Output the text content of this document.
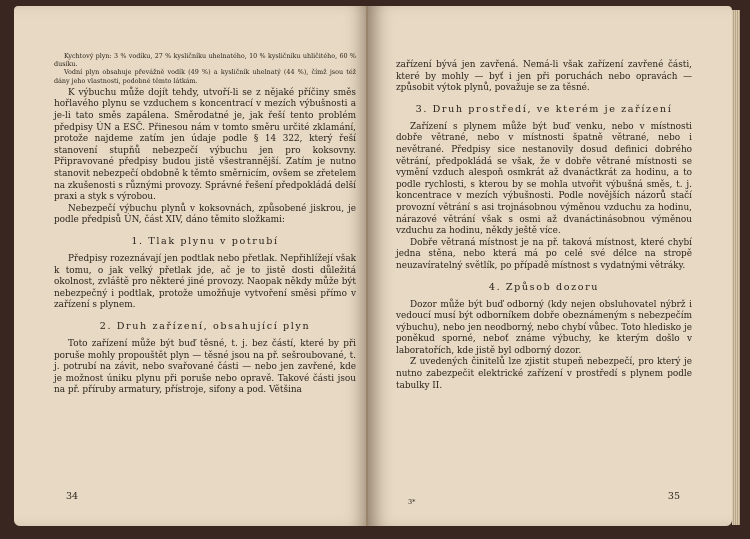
Kychtový plyn: 3 % vodíku, 27 % kysličníku uhelnatého, 10 % kysličníku uhličitého, 60 % dusíku.

Vodní plyn obsahuje převážně vodík (49 %) a kysličník uhelnatý (44 %), čímž jsou též dány jeho vlastnosti, podobné těmto látkám.

K výbuchu může dojít tehdy, utvoří-li se z nějaké příčiny směs hořlavého plynu se vzduchem s koncentrací v mezích výbušnosti a je-li tato směs zapálena. Směrodatné je, jak řeší tento problém předpisy ÚN a ESČ. Přinesou nám v tomto směru určité zklamání, protože najdeme zatím jen údaje podle § 14 322, který řeší stanovení stupňů nebezpečí výbuchu jen pro koksovny. Připravované předpisy budou jistě všestrannější. Zatím je nutno stanovit nebezpečí obdobně k těmto směrnicím, ovšem se zřetelem na zkušenosti s různými provozy. Správné řešení předpokládá delší praxi a styk s výrobou.

Nebezpečí výbuchu plynů v koksovnách, způsobené jiskrou, je podle předpisů ÚN, část XIV, dáno těmito složkami:

1. Tlak plynu v potrubí

Předpisy rozeznávají jen podtlak nebo přetlak. Nepřihlížejí však k tomu, o jak velký přetlak jde, ač je to jistě dosti důležitá okolnost, zvláště pro některé jiné provozy. Naopak někdy může být nebezpečný i podtlak, protože umožňuje vytvoření směsi přímo v zařízení s plynem.

2. Druh zařízení, obsahující plyn

Toto zařízení může být buď těsné, t. j. bez částí, které by při poruše mohly propouštět plyn — těsné jsou na př. sešroubované, t. j. potrubí na závit, nebo svařované části — nebo jen zavřené, kde je možnost úniku plynu při poruše nebo opravě. Takové části jsou na př. příruby armatury, přístroje, sifony a pod. Většina

34

zařízení bývá jen zavřená. Nemá-li však zařízení zavřené části, které by mohly — byť i jen při poruchách nebo opravách — způsobit výtok plynů, považuje se za těsné.

3. Druh prostředí, ve kterém je zařízení

Zařízení s plynem může být buď venku, nebo v místnosti dobře větrané, nebo v místnosti špatně větrané, nebo i nevětrané. Předpisy sice nestanovily dosud definici dobrého větrání, předpokládá se však, že v dobře větrané místnosti se vymění vzduch alespoň osmkrát až dvanáctkrát za hodinu, a to podle rychlosti, s kterou by se mohla utvořit výbušná směs, t. j. koncentrace v mezích výbušnosti. Podle novějších názorů stačí provozní větrání s asi trojnásobnou výměnou vzduchu za hodinu, nárazové větrání však s osmi až dvanáctinásobnou výměnou vzduchu za hodinu, někdy ještě více.

Dobře větraná místnost je na př. taková místnost, které chybí jedna stěna, nebo která má po celé své délce na stropě neuzavíratelný světlík, po případě místnost s vydatnými větráky.

4. Způsob dozoru

Dozor může být buď odborný (kdy nejen obsluhovatel nýbrž i vedoucí musí být odborníkem dobře obeznámeným s nebezpečím výbuchu), nebo jen neodborný, nebo chybí vůbec. Toto hledisko je poněkud sporné, neboť známe výbuchy, ke kterým došlo v laboratořích, kde jistě byl odborný dozor.

Z uvedených činitelů lze zjistit stupeň nebezpečí, pro který je nutno zabezpečit elektrické zařízení v prostředí s plynem podle tabulky II.

3*	35
